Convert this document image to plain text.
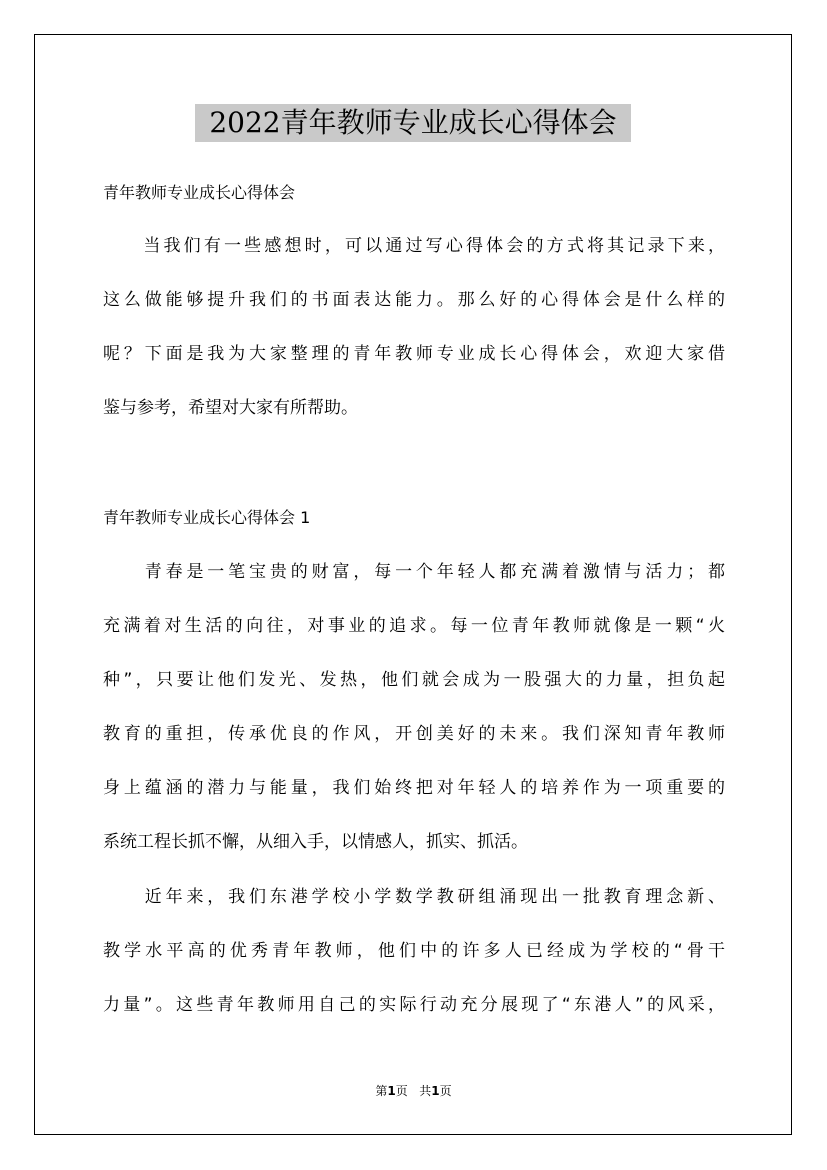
2022青年教师专业成长心得体会
青年教师专业成长心得体会
　　当我们有一些感想时，可以通过写心得体会的方式将其记录下来，
这么做能够提升我们的书面表达能力。那么好的心得体会是什么样的
呢？下面是我为大家整理的青年教师专业成长心得体会，欢迎大家借
鉴与参考，希望对大家有所帮助。
青年教师专业成长心得体会 1
　　青春是一笔宝贵的财富，每一个年轻人都充满着激情与活力；都
充满着对生活的向往，对事业的追求。每一位青年教师就像是一颗“火
种”，只要让他们发光、发热，他们就会成为一股强大的力量，担负起
教育的重担，传承优良的作风，开创美好的未来。我们深知青年教师
身上蕴涵的潜力与能量，我们始终把对年轻人的培养作为一项重要的
系统工程长抓不懈，从细入手，以情感人，抓实、抓活。
　　近年来，我们东港学校小学数学教研组涌现出一批教育理念新、
教学水平高的优秀青年教师，他们中的许多人已经成为学校的“骨干
力量”。这些青年教师用自己的实际行动充分展现了“东港人”的风采，
第1页 共1页
